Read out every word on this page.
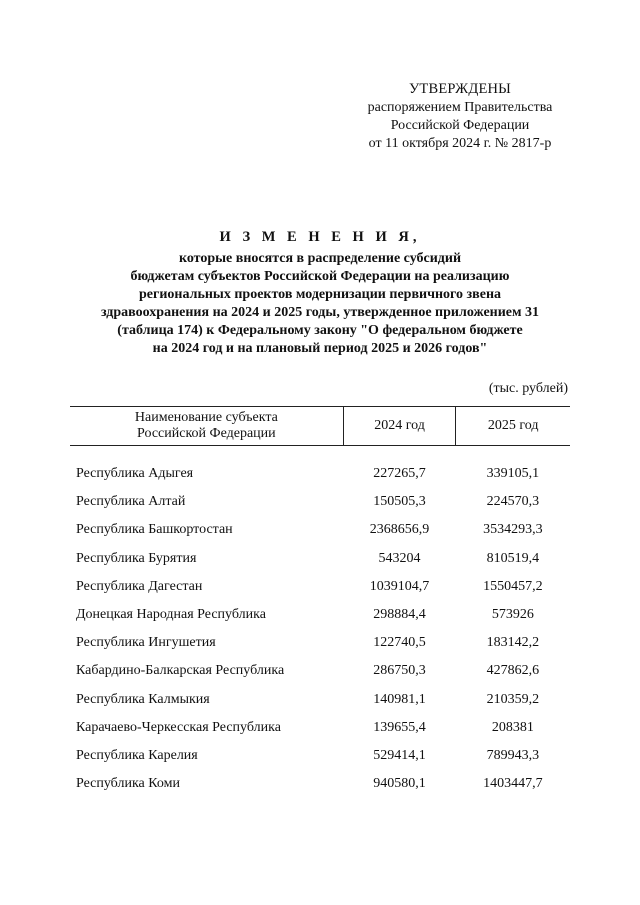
УТВЕРЖДЕНЫ
распоряжением Правительства
Российской Федерации
от 11 октября 2024 г. № 2817-р
И З М Е Н Е Н И Я,
которые вносятся в распределение субсидий
бюджетам субъектов Российской Федерации на реализацию
региональных проектов модернизации первичного звена
здравоохранения на 2024 и 2025 годы, утвержденное приложением 31
(таблица 174) к Федеральному закону "О федеральном бюджете
на 2024 год и на плановый период 2025 и 2026 годов"
(тыс. рублей)
Наименование субъекта
Российской Федерации	2024 год	2025 год

Республика Адыгея	227265,7	339105,1
Республика Алтай	150505,3	224570,3
Республика Башкортостан	2368656,9	3534293,3
Республика Бурятия	543204	810519,4
Республика Дагестан	1039104,7	1550457,2
Донецкая Народная Республика	298884,4	573926
Республика Ингушетия	122740,5	183142,2
Кабардино-Балкарская Республика	286750,3	427862,6
Республика Калмыкия	140981,1	210359,2
Карачаево-Черкесская Республика	139655,4	208381
Республика Карелия	529414,1	789943,3
Республика Коми	940580,1	1403447,7
